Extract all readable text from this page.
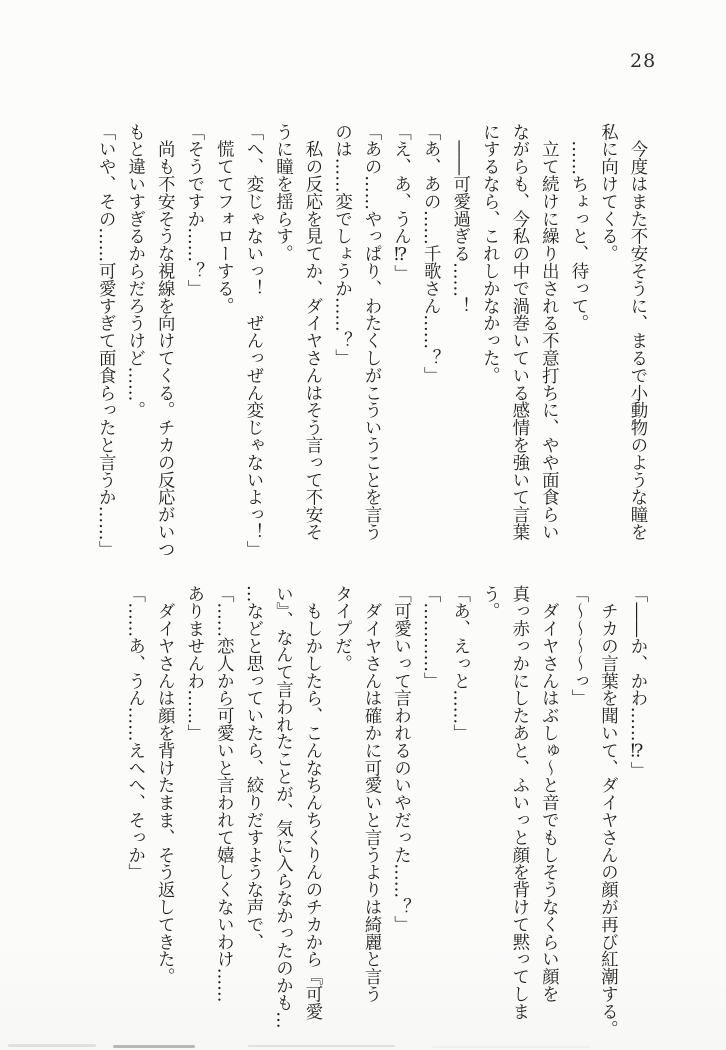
28

　今度はまた不安そうに、まるで小動物のような瞳を

私に向けてくる。

　……ちょっと、待って。

　立て続けに繰り出される不意打ちに、やや面食らい

ながらも、今私の中で渦巻いている感情を強いて言葉

にするなら、これしかなかった。

　――可愛過ぎる……！

「あ、あの……千歌さん……？」

「え、あ、うん⁉」

「あの……やっぱり、わたくしがこういうことを言う

のは……変でしょうか……？」

　私の反応を見てか、ダイヤさんはそう言って不安そ

うに瞳を揺らす。

「へ、変じゃないっ！　ぜんっぜん変じゃないよっ！」

　慌ててフォローする。

「そうですか……？」

　尚も不安そうな視線を向けてくる。チカの反応がいつ

もと違いすぎるからだろうけど……。

「いや、その……可愛すぎて面食らったと言うか……」

「――か、かわ……⁉」

　チカの言葉を聞いて、ダイヤさんの顔が再び紅潮する。

「〜〜〜〜っ」

　ダイヤさんはぶしゅ〜と音でもしそうなくらい顔を

真っ赤っかにしたあと、ふいっと顔を背けて黙ってしま

う。

「あ、えっと……」

「…………」

「可愛いって言われるのいやだった……？」

　ダイヤさんは確かに可愛いと言うよりは綺麗と言う

タイプだ。

　もしかしたら、こんなちんちくりんのチカから『可愛

い』、なんて言われたことが、気に入らなかったのかも…

…などと思っていたら、絞りだすような声で、

「……恋人から可愛いと言われて嬉しくないわけ……

ありませんわ……」

　ダイヤさんは顔を背けたまま、そう返してきた。

「……あ、うん……えへへ、そっか」
